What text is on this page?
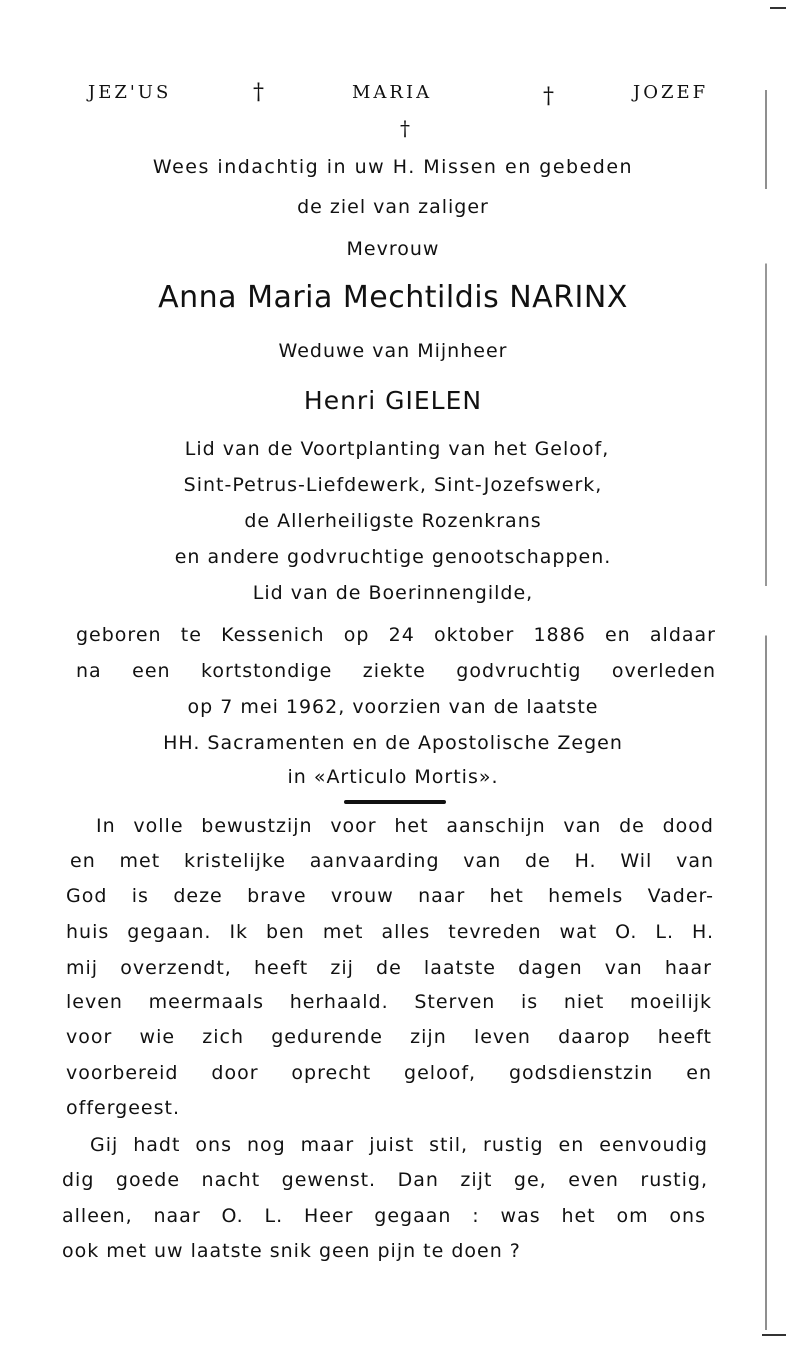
JEZ'US	MARIA	JOZEF
†	†
†
Wees indachtig in uw H. Missen en gebeden
de ziel van zaliger
Mevrouw
Anna Maria Mechtildis NARINX
Weduwe van Mijnheer
Henri GIELEN
Lid van de Voortplanting van het Geloof,
Sint-Petrus-Liefdewerk, Sint-Jozefswerk,
de Allerheiligste Rozenkrans
en andere godvruchtige genootschappen.
Lid van de Boerinnengilde,
geboren te Kessenich op 24 oktober 1886 en aldaar
na een kortstondige ziekte godvruchtig overleden
op 7 mei 1962, voorzien van de laatste
HH. Sacramenten en de Apostolische Zegen
in «Articulo Mortis».
In volle bewustzijn voor het aanschijn van de dood
en met kristelijke aanvaarding van de H. Wil van
God is deze brave vrouw naar het hemels Vader-
huis gegaan. Ik ben met alles tevreden wat O. L. H.
mij overzendt, heeft zij de laatste dagen van haar
leven meermaals herhaald. Sterven is niet moeilijk
voor wie zich gedurende zijn leven daarop heeft
voorbereid door oprecht geloof, godsdienstzin en
offergeest.
Gij hadt ons nog maar juist stil, rustig en eenvoudig
dig goede nacht gewenst. Dan zijt ge, even rustig,
alleen, naar O. L. Heer gegaan : was het om ons
ook met uw laatste snik geen pijn te doen ?
